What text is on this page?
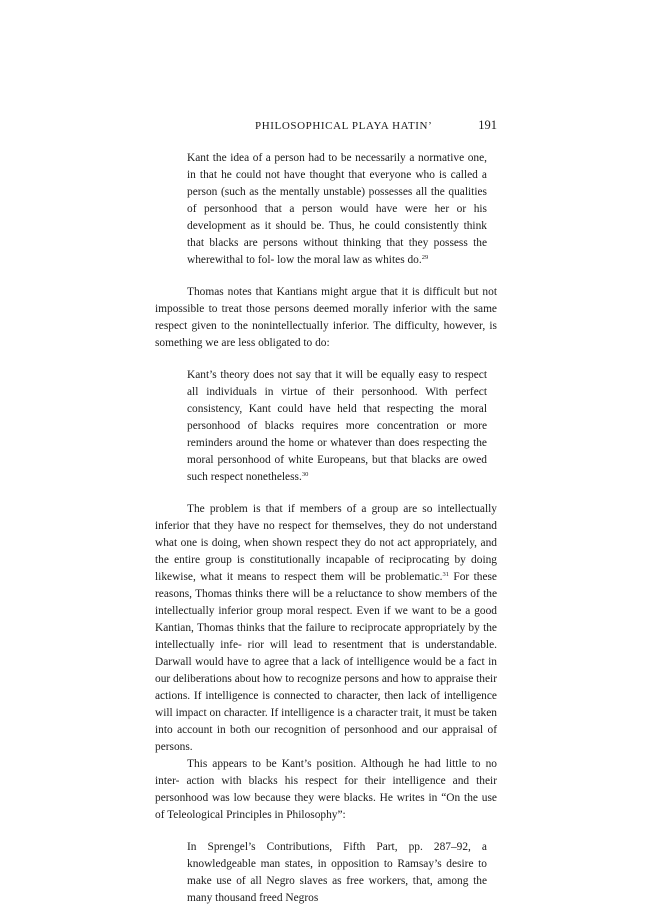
PHILOSOPHICAL PLAYA HATIN’	191

Kant the idea of a person had to be necessarily a normative one, in that he could not have thought that everyone who is called a person (such as the mentally unstable) possesses all the qualities of personhood that a person would have were her or his development as it should be. Thus, he could consistently think that blacks are persons without thinking that they possess the wherewithal to fol- low the moral law as whites do.$^{29}$

Thomas notes that Kantians might argue that it is difficult but not impossible to treat those persons deemed morally inferior with the same respect given to the nonintellectually inferior. The difficulty, however, is something we are less obligated to do:

Kant’s theory does not say that it will be equally easy to respect all individuals in virtue of their personhood. With perfect consistency, Kant could have held that respecting the moral personhood of blacks requires more concentration or more reminders around the home or whatever than does respecting the moral personhood of white Europeans, but that blacks are owed such respect nonetheless.$^{30}$

The problem is that if members of a group are so intellectually inferior that they have no respect for themselves, they do not understand what one is doing, when shown respect they do not act appropriately, and the entire group is constitutionally incapable of reciprocating by doing likewise, what it means to respect them will be problematic.$^{31}$ For these reasons, Thomas thinks there will be a reluctance to show members of the intellectually inferior group moral respect. Even if we want to be a good Kantian, Thomas thinks that the failure to reciprocate appropriately by the intellectually infe- rior will lead to resentment that is understandable. Darwall would have to agree that a lack of intelligence would be a fact in our deliberations about how to recognize persons and how to appraise their actions. If intelligence is connected to character, then lack of intelligence will impact on character. If intelligence is a character trait, it must be taken into account in both our recognition of personhood and our appraisal of persons.

This appears to be Kant’s position. Although he had little to no inter- action with blacks his respect for their intelligence and their personhood was low because they were blacks. He writes in “On the use of Teleological Principles in Philosophy”:

In Sprengel’s Contributions, Fifth Part, pp. 287–92, a knowledgeable man states, in opposition to Ramsay’s desire to make use of all Negro slaves as free workers, that, among the many thousand freed Negros
